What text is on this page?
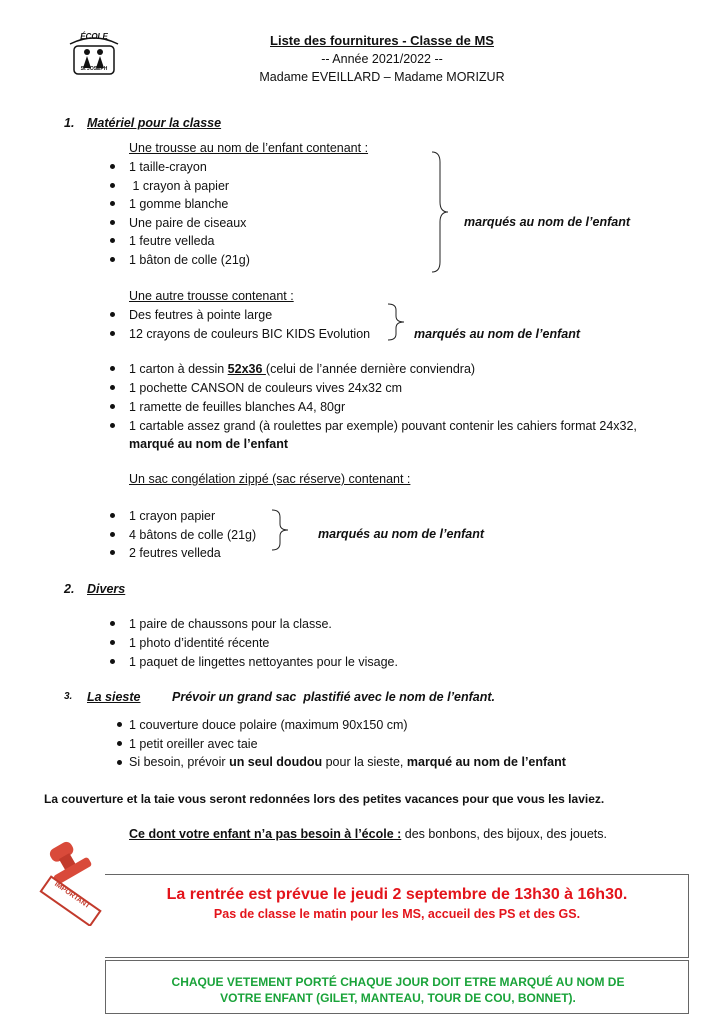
ÉCOLE
St JOSEPH
Liste des fournitures - Classe de MS
-- Année 2021/2022 --
Madame EVEILLARD – Madame MORIZUR
1. Matériel pour la classe
Une trousse au nom de l’enfant contenant :
1 taille-crayon
1 crayon à papier
1 gomme blanche
Une paire de ciseaux
1 feutre velleda
1 bâton de colle (21g)
marqués au nom de l’enfant
Une autre trousse contenant :
Des feutres à pointe large
12 crayons de couleurs BIC KIDS Evolution	marqués au nom de l’enfant
1 carton à dessin 52x36 (celui de l’année dernière conviendra)
1 pochette CANSON de couleurs vives 24x32 cm
1 ramette de feuilles blanches A4, 80gr
1 cartable assez grand (à roulettes par exemple) pouvant contenir les cahiers format 24x32,
marqué au nom de l’enfant
Un sac congélation zippé (sac réserve) contenant :
1 crayon papier
4 bâtons de colle (21g)
2 feutres velleda
marqués au nom de l’enfant
2. Divers
1 paire de chaussons pour la classe.
1 photo d’identité récente
1 paquet de lingettes nettoyantes pour le visage.
3. La sieste	Prévoir un grand sac  plastifié avec le nom de l’enfant.
1 couverture douce polaire (maximum 90x150 cm)
1 petit oreiller avec taie
Si besoin, prévoir un seul doudou pour la sieste, marqué au nom de l’enfant
La couverture et la taie vous seront redonnées lors des petites vacances pour que vous les laviez.
Ce dont votre enfant n’a pas besoin à l’école : des bonbons, des bijoux, des jouets.
IMPORTANT	La rentrée est prévue le jeudi 2 septembre de 13h30 à 16h30.
Pas de classe le matin pour les MS, accueil des PS et des GS.
CHAQUE VETEMENT PORTÉ CHAQUE JOUR DOIT ETRE MARQUÉ AU NOM DE
VOTRE ENFANT (GILET, MANTEAU, TOUR DE COU, BONNET).
